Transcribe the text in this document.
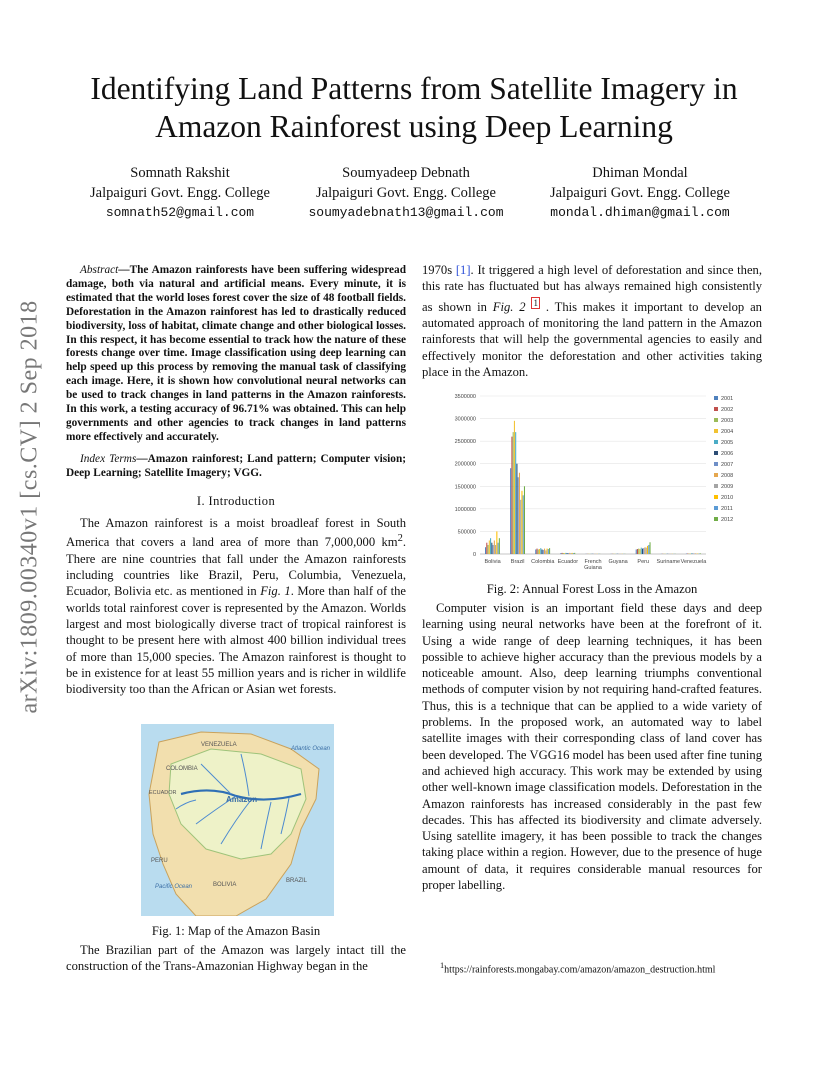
arXiv:1809.00340v1 [cs.CV] 2 Sep 2018
Identifying Land Patterns from Satellite Imagery in
Amazon Rainforest using Deep Learning
Somnath Rakshit
Jalpaiguri Govt. Engg. College
somnath52@gmail.com
Soumyadeep Debnath
Jalpaiguri Govt. Engg. College
soumyadebnath13@gmail.com
Dhiman Mondal
Jalpaiguri Govt. Engg. College
mondal.dhiman@gmail.com
Abstract—The Amazon rainforests have been suffering widespread damage, both via natural and artificial means. Every minute, it is estimated that the world loses forest cover the size of 48 football fields. Deforestation in the Amazon rainforest has led to drastically reduced biodiversity, loss of habitat, climate change and other biological losses. In this respect, it has become essential to track how the nature of these forests change over time. Image classification using deep learning can help speed up this process by removing the manual task of classifying each image. Here, it is shown how convolutional neural networks can be used to track changes in land patterns in the Amazon rainforests. In this work, a testing accuracy of 96.71% was obtained. This can help governments and other agencies to track changes in land patterns more effectively and accurately.
Index Terms—Amazon rainforest; Land pattern; Computer vision; Deep Learning; Satellite Imagery; VGG.
I. Introduction
The Amazon rainforest is a moist broadleaf forest in South America that covers a land area of more than 7,000,000 $km^2$. There are nine countries that fall under the Amazon rainforests including countries like Brazil, Peru, Columbia, Venezuela, Ecuador, Bolivia etc. as mentioned in Fig. 1. More than half of the worlds total rainforest cover is represented by the Amazon. Worlds largest and most biologically diverse tract of tropical rainforest is thought to be present here with almost 400 billion individual trees of more than 15,000 species. The Amazon rainforest is thought to be in existence for at least 55 million years and is richer in wildlife biodiversity too than the African or Asian wet forests.
VENEZUELA
COLOMBIA
ECUADOR
Atlantic Ocean
PERU
BRAZIL
BOLIVIA
Pacific Ocean
Amazon
Fig. 1: Map of the Amazon Basin
The Brazilian part of the Amazon was largely intact till the construction of the Trans-Amazonian Highway began in the
1970s [1]. It triggered a high level of deforestation and since then, this rate has fluctuated but has always remained high consistently as shown in Fig. 2 $^1$ . This makes it important to develop an automated approach of monitoring the land pattern in the Amazon rainforests that will help the governmental agencies to easily and effectively monitor the deforestation and other activities taking place in the Amazon.
0
500000
1000000
1500000
2000000
2500000
3000000
3500000
Bolivia Brazil Colombia Ecuador French
Guiana
Guyana Peru Suriname Venezuela
2001
2002
2003
2004
2005
2006
2007
2008
2009
2010
2011
2012
Fig. 2: Annual Forest Loss in the Amazon
Computer vision is an important field these days and deep learning using neural networks have been at the forefront of it. Using a wide range of deep learning techniques, it has been possible to achieve higher accuracy than the previous models by a noticeable amount. Also, deep learning triumphs conventional methods of computer vision by not requiring hand-crafted features. Thus, this is a technique that can be applied to a wide variety of problems. In the proposed work, an automated way to label satellite images with their corresponding class of land cover has been developed. The VGG16 model has been used after fine tuning and achieved high accuracy. This work may be extended by using other well-known image classification models. Deforestation in the Amazon rainforests has increased considerably in the past few decades. This has affected its biodiversity and climate adversely. Using satellite imagery, it has been possible to track the changes taking place within a region. However, due to the presence of huge amount of data, it requires considerable manual resources for proper labelling.
$^1$https://rainforests.mongabay.com/amazon/amazon_destruction.html
